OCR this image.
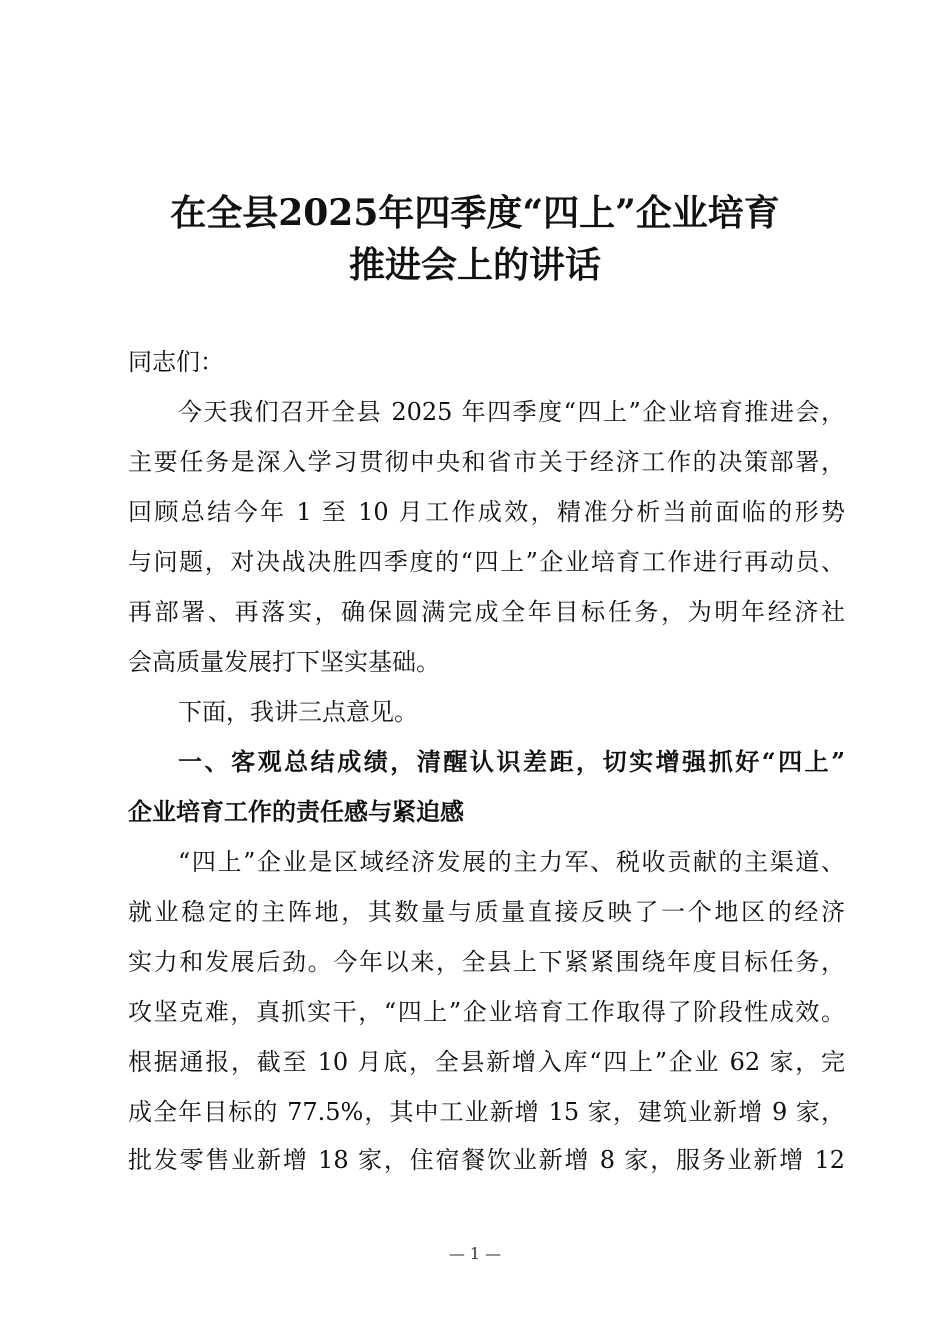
在全县2025年四季度“四上”企业培育
推进会上的讲话
同志们：
今天我们召开全县 2025 年四季度“四上”企业培育推进会，
主要任务是深入学习贯彻中央和省市关于经济工作的决策部署，
回顾总结今年 1 至 10 月工作成效，精准分析当前面临的形势
与问题，对决战决胜四季度的“四上”企业培育工作进行再动员、
再部署、再落实，确保圆满完成全年目标任务，为明年经济社
会高质量发展打下坚实基础。
下面，我讲三点意见。
一、客观总结成绩，清醒认识差距，切实增强抓好“四上”
企业培育工作的责任感与紧迫感
“四上”企业是区域经济发展的主力军、税收贡献的主渠道、
就业稳定的主阵地，其数量与质量直接反映了一个地区的经济
实力和发展后劲。今年以来，全县上下紧紧围绕年度目标任务，
攻坚克难，真抓实干，“四上”企业培育工作取得了阶段性成效。
根据通报，截至 10 月底，全县新增入库“四上”企业 62 家，完
成全年目标的 77.5%，其中工业新增 15 家，建筑业新增 9 家，
批发零售业新增 18 家，住宿餐饮业新增 8 家，服务业新增 12
— 1 —
